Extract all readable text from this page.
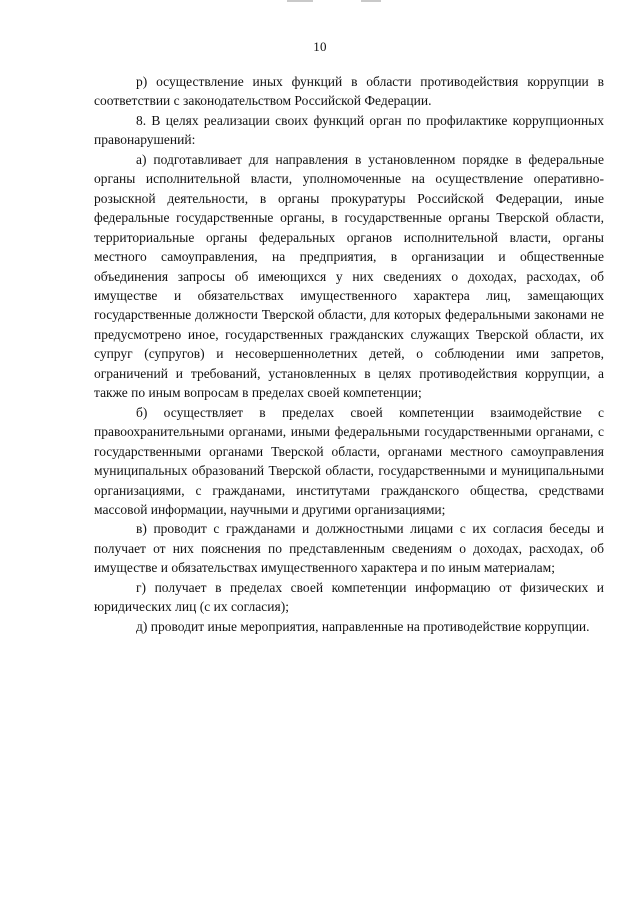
10

р) осуществление иных функций в области противодействия коррупции в соответствии с законодательством Российской Федерации.

8. В целях реализации своих функций орган по профилактике коррупционных правонарушений:

а) подготавливает для направления в установленном порядке в федеральные органы исполнительной власти, уполномоченные на осуществление оперативно-розыскной деятельности, в органы прокуратуры Российской Федерации, иные федеральные государственные органы, в государственные органы Тверской области, территориальные органы федеральных органов исполнительной власти, органы местного самоуправления, на предприятия, в организации и общественные объединения запросы об имеющихся у них сведениях о доходах, расходах, об имуществе и обязательствах имущественного характера лиц, замещающих государственные должности Тверской области, для которых федеральными законами не предусмотрено иное, государственных гражданских служащих Тверской области, их супруг (супругов) и несовершеннолетних детей, о соблюдении ими запретов, ограничений и требований, установленных в целях противодействия коррупции, а также по иным вопросам в пределах своей компетенции;

б) осуществляет в пределах своей компетенции взаимодействие с правоохранительными органами, иными федеральными государственными органами, с государственными органами Тверской области, органами местного самоуправления муниципальных образований Тверской области, государственными и муниципальными организациями, с гражданами, институтами гражданского общества, средствами массовой информации, научными и другими организациями;

в) проводит с гражданами и должностными лицами с их согласия беседы и получает от них пояснения по представленным сведениям о доходах, расходах, об имуществе и обязательствах имущественного характера и по иным материалам;

г) получает в пределах своей компетенции информацию от физических и юридических лиц (с их согласия);

д) проводит иные мероприятия, направленные на противодействие коррупции.
